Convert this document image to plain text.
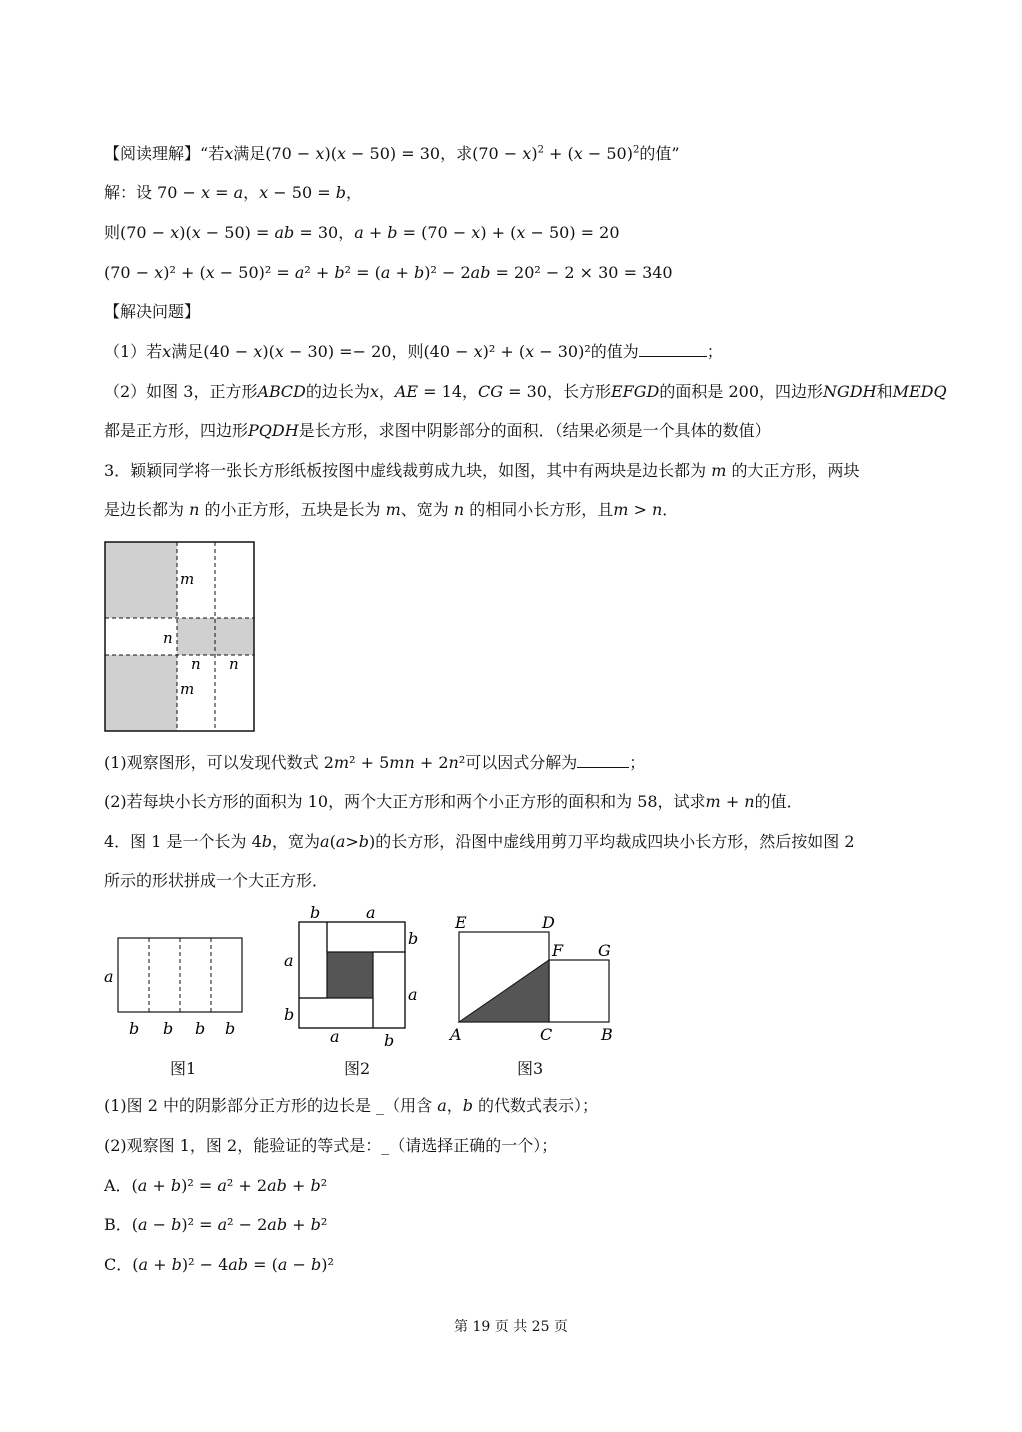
【阅读理解】“若x满足(70 − x)(x − 50) = 30，求$(70 - x)^2 + (x - 50)^2$的值”
解：设 70 − 𝑥 = 𝑎，𝑥 − 50 = 𝑏，
则(70 − 𝑥)(𝑥 − 50) = 𝑎𝑏 = 30，𝑎 + 𝑏 = (70 − 𝑥) + (𝑥 − 50) = 20
(70 − 𝑥)² + (𝑥 − 50)² = 𝑎² + 𝑏² = (𝑎 + 𝑏)² − 2𝑎𝑏 = 20² − 2 × 30 = 340
【解决问题】
（1）若𝑥满足(40 − 𝑥)(𝑥 − 30) =− 20，则(40 − 𝑥)² + (𝑥 − 30)²的值为	；
（2）如图 3，正方形𝐴𝐵𝐶𝐷的边长为𝑥，𝐴𝐸 = 14，𝐶𝐺 = 30，长方形𝐸𝐹𝐺𝐷的面积是 200，四边形𝑁𝐺𝐷𝐻和𝑀𝐸𝐷𝑄
都是正方形，四边形𝑃𝑄𝐷𝐻是长方形，求图中阴影部分的面积．（结果必须是一个具体的数值）
3．颖颖同学将一张长方形纸板按图中虚线裁剪成九块，如图，其中有两块是边长都为 𝑚 的大正方形，两块
是边长都为 𝑛 的小正方形，五块是长为 𝑚、宽为 𝑛 的相同小长方形，且𝑚 > 𝑛．
m
n
n n
m
(1)观察图形，可以发现代数式 2𝑚² + 5𝑚𝑛 + 2𝑛²可以因式分解为	；
(2)若每块小长方形的面积为 10，两个大正方形和两个小正方形的面积和为 58，试求𝑚 + 𝑛的值．
4．图 1 是一个长为 4𝑏，宽为𝑎(𝑎>𝑏)的长方形，沿图中虚线用剪刀平均裁成四块小长方形，然后按如图 2
所示的形状拼成一个大正方形．
a
b b b b
图1
b	a
a
b
a
b
a	b
图2
E	D
F G
A	C	B
图3
(1)图 2 中的阴影部分正方形的边长是 _（用含 𝑎，𝑏 的代数式表示）；
(2)观察图 1，图 2，能验证的等式是：_（请选择正确的一个）；
A．(𝑎 + 𝑏)² = 𝑎² + 2𝑎𝑏 + 𝑏²
B．(𝑎 − 𝑏)² = 𝑎² − 2𝑎𝑏 + 𝑏²
C．(𝑎 + 𝑏)² − 4𝑎𝑏 = (𝑎 − 𝑏)²
第 19 页 共 25 页
